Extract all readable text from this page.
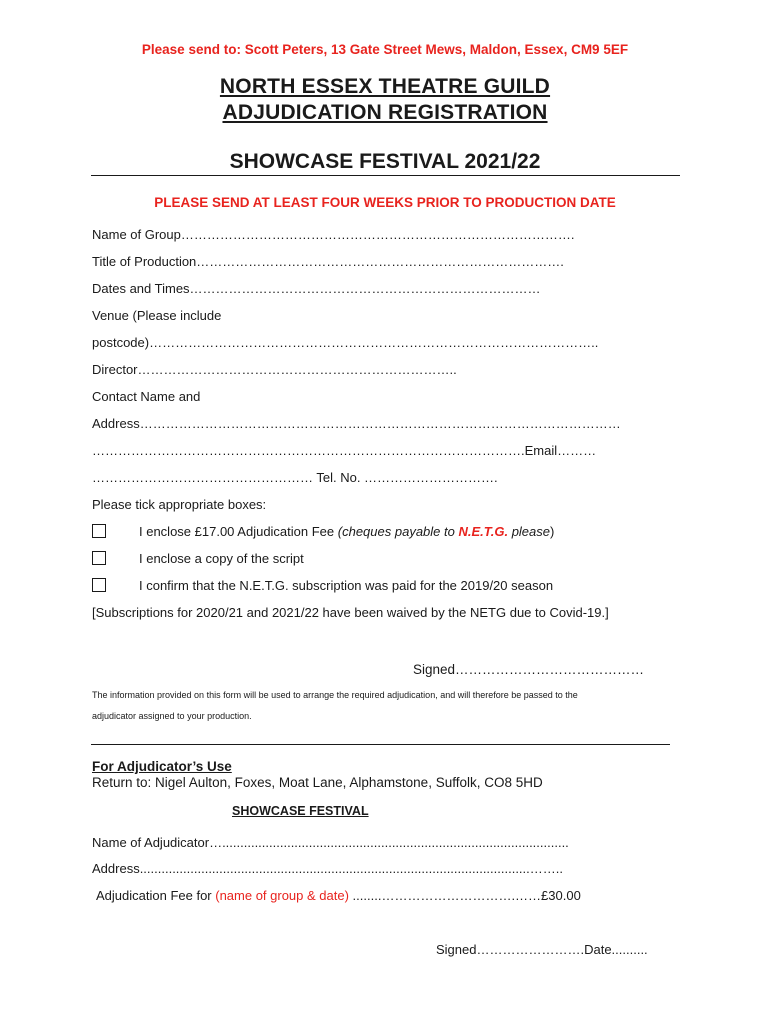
Please send to: Scott Peters, 13 Gate Street Mews, Maldon, Essex, CM9 5EF
NORTH ESSEX THEATRE GUILD
ADJUDICATION REGISTRATION
SHOWCASE FESTIVAL 2021/22
PLEASE SEND AT LEAST FOUR WEEKS PRIOR TO PRODUCTION DATE
Name of Group……………………………………………………………………………….
Title of Production………………………………………………………………………….
Dates and Times………………………………………………………………………
Venue (Please include
postcode)…………………………………………………………………………………………..
Director………………………………………………………………..
Contact Name and
Address…………………………………………………………………………………………………
……………………………………………………………………………………….Email………
…………………………………………… Tel. No. ………………………….
Please tick appropriate boxes:
I enclose £17.00 Adjudication Fee (cheques payable to N.E.T.G. please)
I enclose a copy of the script
I confirm that the N.E.T.G. subscription was paid for the 2019/20 season
[Subscriptions for 2020/21 and 2021/22 have been waived by the NETG due to Covid-19.]
Signed……………………………………
The information provided on this form will be used to arrange the required adjudication, and will therefore be passed to the
adjudicator assigned to your production.
For Adjudicator’s Use
Return to: Nigel Aulton, Foxes, Moat Lane, Alphamstone, Suffolk, CO8 5HD
SHOWCASE FESTIVAL
Name of Adjudicator…................................................................................................
Address............................................................................................................……..
Adjudication Fee for (name of group & date) ........………………………….……£30.00
Signed…………………….Date..........
